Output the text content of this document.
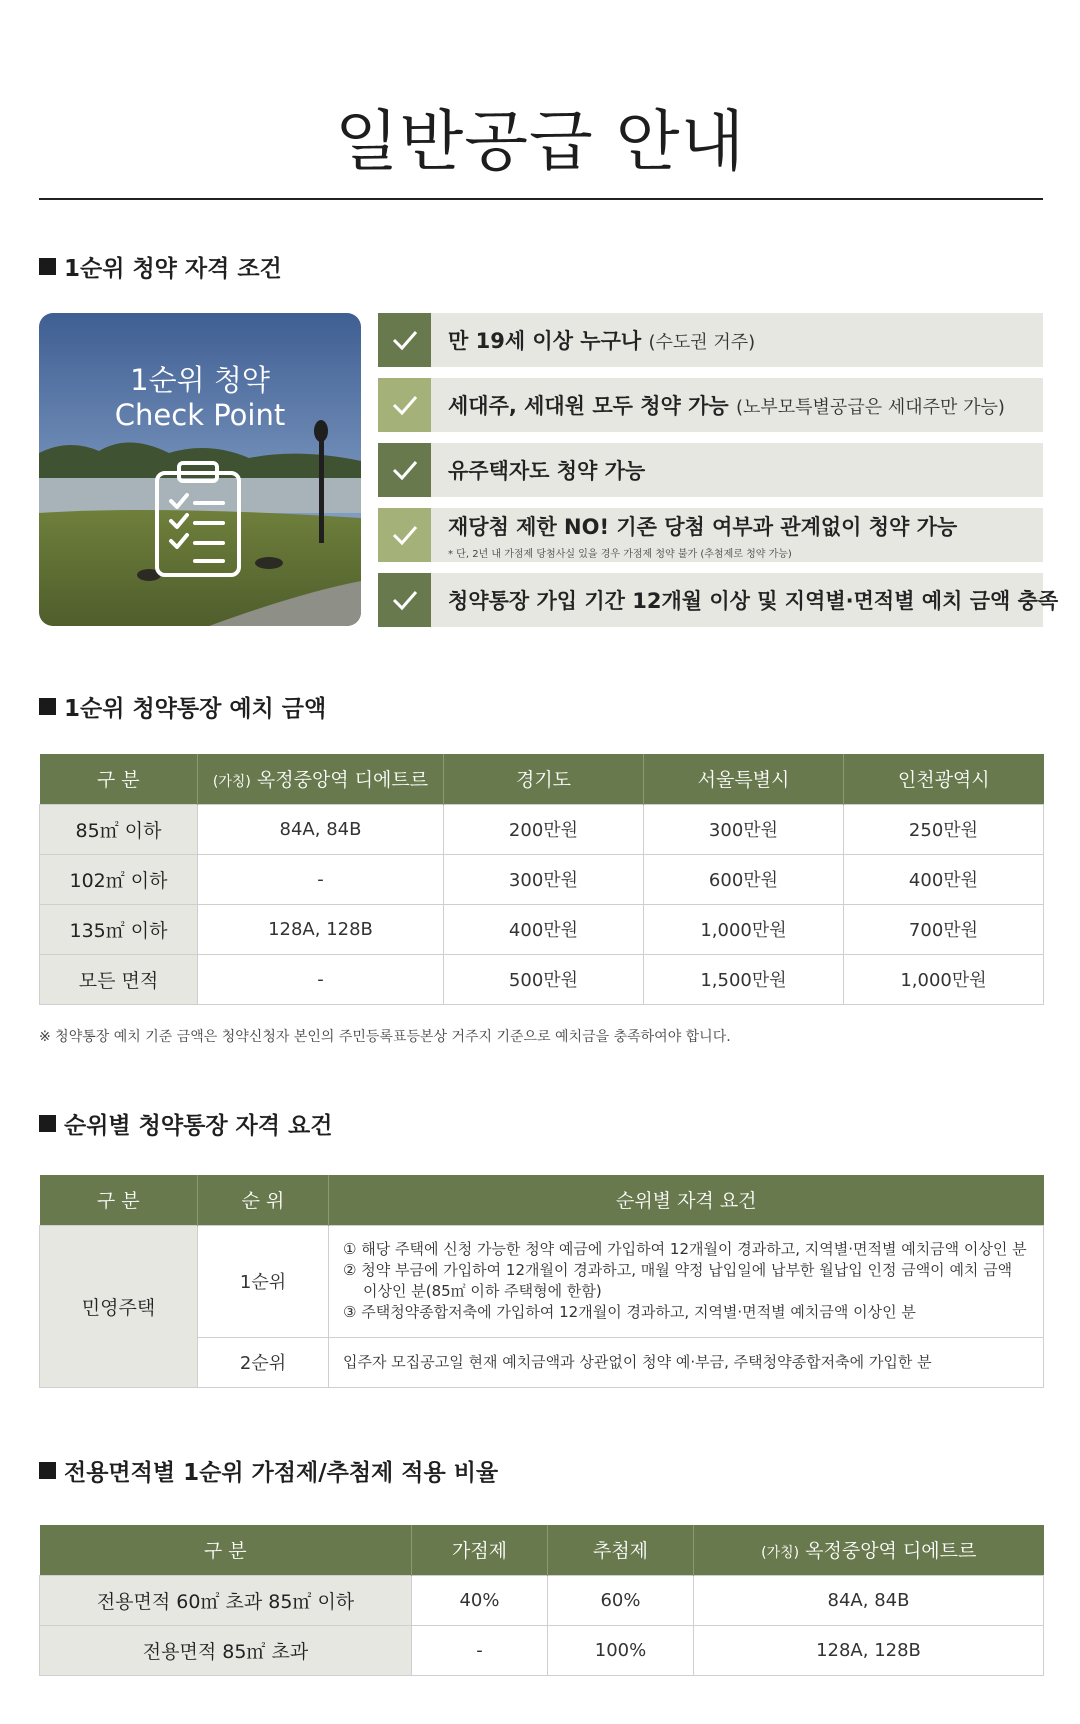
일반공급 안내
1순위 청약 자격 조건
1순위 청약
Check Point
만 19세 이상 누구나 (수도권 거주)
세대주, 세대원 모두 청약 가능 (노부모특별공급은 세대주만 가능)
유주택자도 청약 가능
재당첨 제한 NO! 기존 당첨 여부과 관계없이 청약 가능
* 단, 2년 내 가점제 당첨사실 있을 경우 가점제 청약 불가 (추첨제로 청약 가능)
청약통장 가입 기간 12개월 이상 및 지역별·면적별 예치 금액 충족
1순위 청약통장 예치 금액
구 분	(가칭) 옥정중앙역 디에트르	경기도	서울특별시	인천광역시
85㎡ 이하	84A, 84B	200만원	300만원	250만원
102㎡ 이하	-	300만원	600만원	400만원
135㎡ 이하	128A, 128B	400만원	1,000만원	700만원
모든 면적	-	500만원	1,500만원	1,000만원
※ 청약통장 예치 기준 금액은 청약신청자 본인의 주민등록표등본상 거주지 기준으로 예치금을 충족하여야 합니다.
순위별 청약통장 자격 요건
구 분	순 위	순위별 자격 요건
민영주택	1순위	① 해당 주택에 신청 가능한 청약 예금에 가입하여 12개월이 경과하고, 지역별·면적별 예치금액 이상인 분
② 청약 부금에 가입하여 12개월이 경과하고, 매월 약정 납입일에 납부한 월납입 인정 금액이 예치 금액
이상인 분(85㎡ 이하 주택형에 한함)
③ 주택청약종합저축에 가입하여 12개월이 경과하고, 지역별·면적별 예치금액 이상인 분

	2순위	입주자 모집공고일 현재 예치금액과 상관없이 청약 예·부금, 주택청약종합저축에 가입한 분
전용면적별 1순위 가점제/추첨제 적용 비율
구 분	가점제	추첨제	(가칭) 옥정중앙역 디에트르
전용면적 60㎡ 초과 85㎡ 이하	40%	60%	84A, 84B
전용면적 85㎡ 초과	-	100%	128A, 128B
